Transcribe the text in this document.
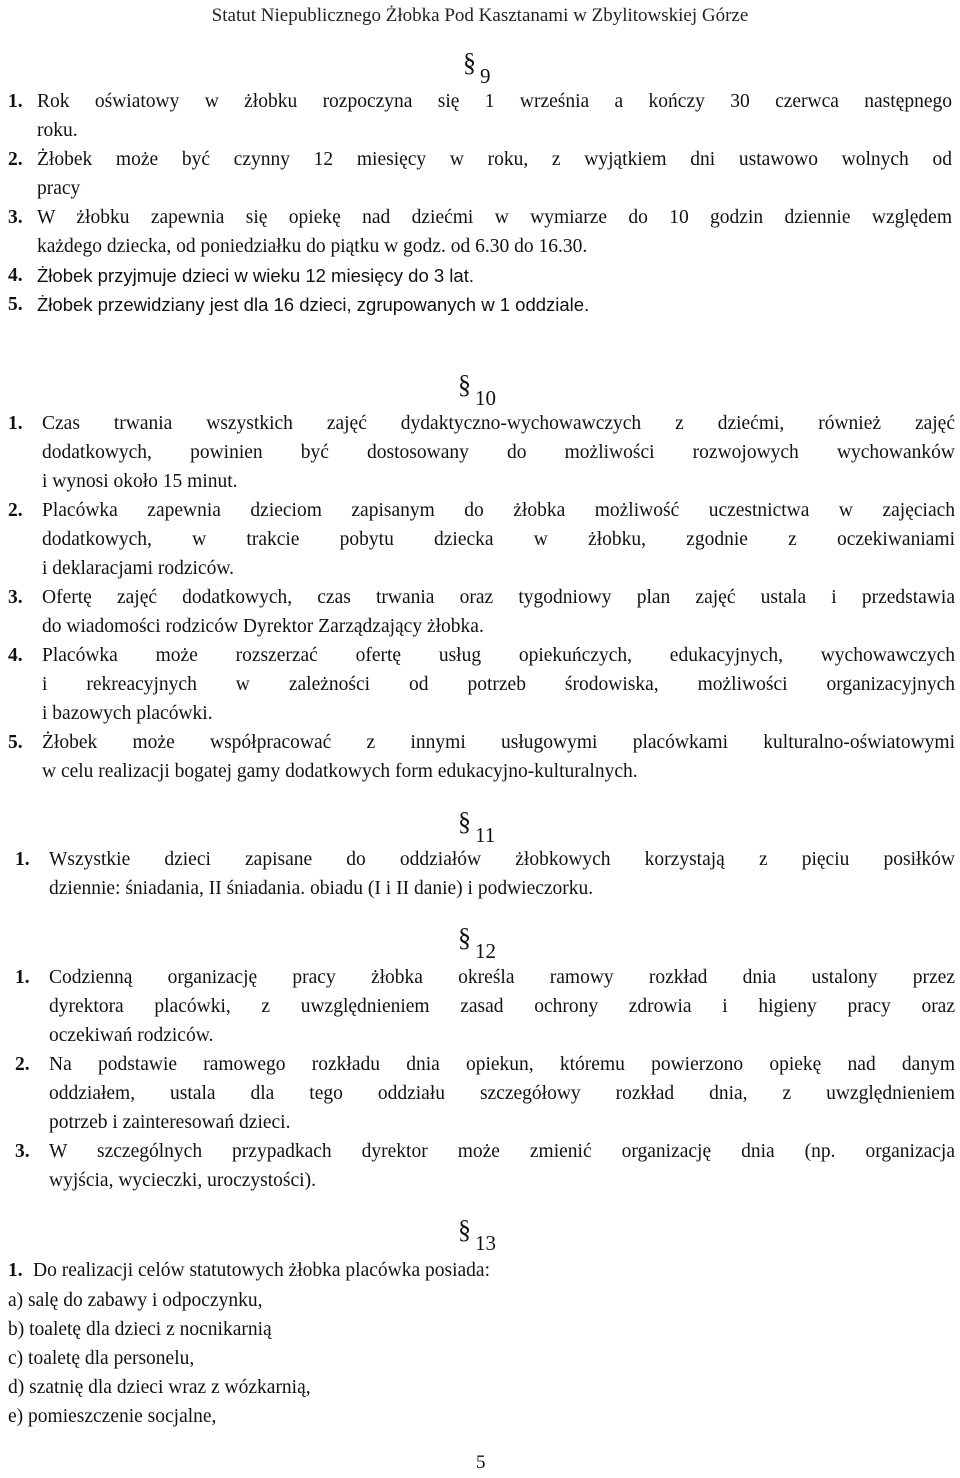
Statut Niepublicznego Żłobka Pod Kasztanami w Zbylitowskiej Górze
§ 9
1. Rok oświatowy w żłobku rozpoczyna się 1 września a kończy 30 czerwca następnego
roku.
2. Żłobek może być czynny 12 miesięcy w roku, z wyjątkiem dni ustawowo wolnych od
pracy
3. W żłobku zapewnia się opiekę nad dziećmi w wymiarze do 10 godzin dziennie względem
każdego dziecka, od poniedziałku do piątku w godz. od 6.30 do 16.30.
4. Żłobek przyjmuje dzieci w wieku 12 miesięcy do 3 lat.
5. Żłobek przewidziany jest dla 16 dzieci, zgrupowanych w 1 oddziale.
§ 10
1. Czas trwania wszystkich zajęć dydaktyczno-wychowawczych z dziećmi, również zajęć
dodatkowych, powinien być dostosowany do możliwości rozwojowych wychowanków
i wynosi około 15 minut.
2. Placówka zapewnia dzieciom zapisanym do żłobka możliwość uczestnictwa w zajęciach
dodatkowych, w trakcie pobytu dziecka w żłobku, zgodnie z oczekiwaniami
i deklaracjami rodziców.
3. Ofertę zajęć dodatkowych, czas trwania oraz tygodniowy plan zajęć ustala i przedstawia
do wiadomości rodziców Dyrektor Zarządzający żłobka.
4. Placówka może rozszerzać ofertę usług opiekuńczych, edukacyjnych, wychowawczych
i rekreacyjnych w zależności od potrzeb środowiska, możliwości organizacyjnych
i bazowych placówki.
5. Żłobek może współpracować z innymi usługowymi placówkami kulturalno-oświatowymi
w celu realizacji bogatej gamy dodatkowych form edukacyjno-kulturalnych.
§ 11
1. Wszystkie dzieci zapisane do oddziałów żłobkowych korzystają z pięciu posiłków
dziennie: śniadania, II śniadania. obiadu (I i II danie) i podwieczorku.
§ 12
1. Codzienną organizację pracy żłobka określa ramowy rozkład dnia ustalony przez
dyrektora placówki, z uwzględnieniem zasad ochrony zdrowia i higieny pracy oraz
oczekiwań rodziców.
2. Na podstawie ramowego rozkładu dnia opiekun, któremu powierzono opiekę nad danym
oddziałem, ustala dla tego oddziału szczegółowy rozkład dnia, z uwzględnieniem
potrzeb i zainteresowań dzieci.
3. W szczególnych przypadkach dyrektor może zmienić organizację dnia (np. organizacja
wyjścia, wycieczki, uroczystości).
§ 13
1. Do realizacji celów statutowych żłobka placówka posiada:
a) salę do zabawy i odpoczynku,
b) toaletę dla dzieci z nocnikarnią
c) toaletę dla personelu,
d) szatnię dla dzieci wraz z wózkarnią,
e) pomieszczenie socjalne,
5
